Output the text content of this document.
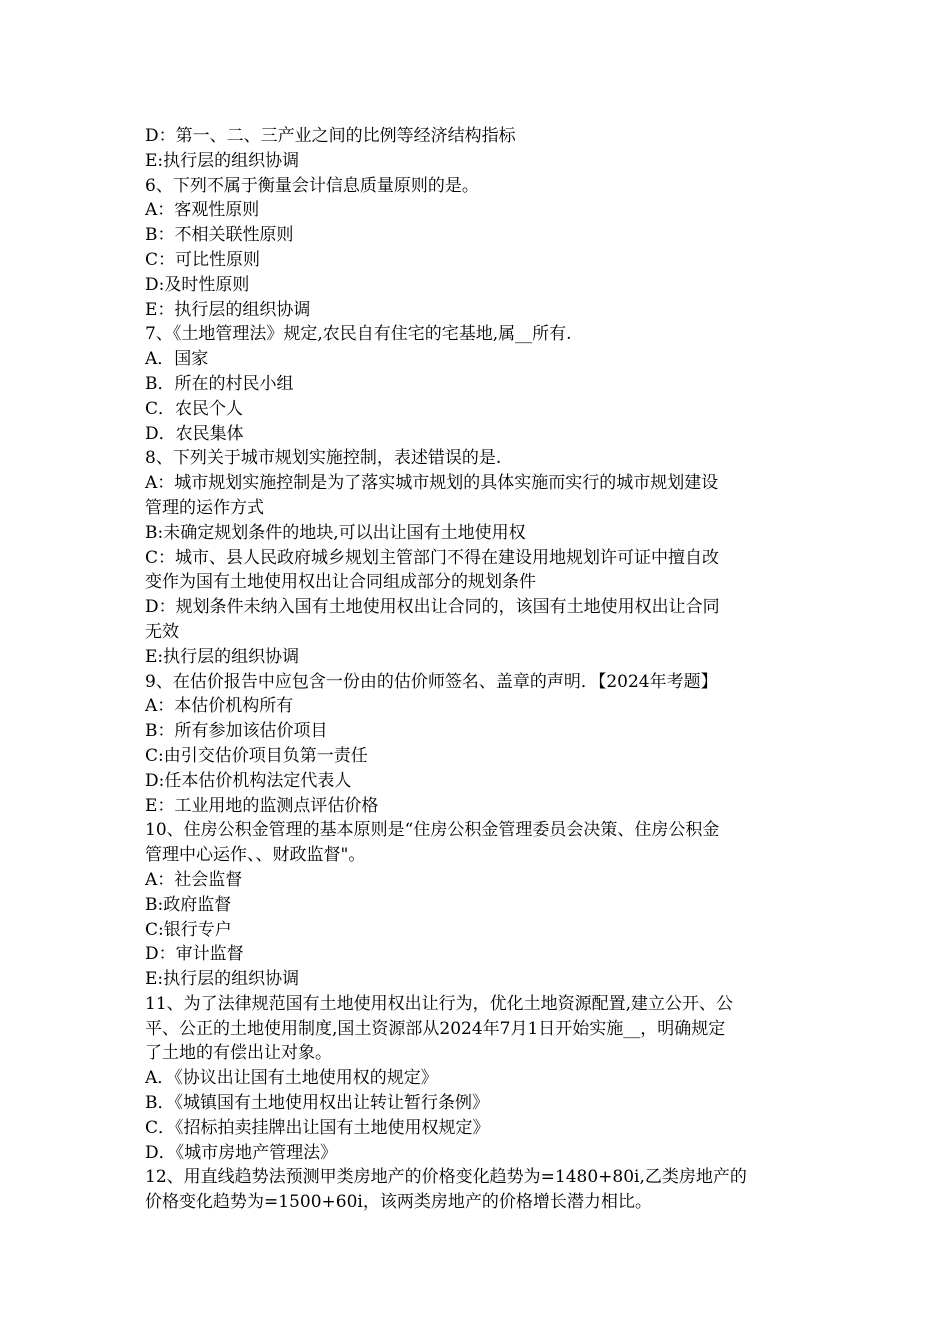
D：第一、二、三产业之间的比例等经济结构指标

E:执行层的组织协调

6、下列不属于衡量会计信息质量原则的是。

A：客观性原则

B：不相关联性原则

C：可比性原则

D:及时性原则

E：执行层的组织协调

7、《土地管理法》规定,农民自有住宅的宅基地,属__所有.

A．国家

B．所在的村民小组

C．农民个人

D．农民集体

8、下列关于城市规划实施控制，表述错误的是.

A：城市规划实施控制是为了落实城市规划的具体实施而实行的城市规划建设

管理的运作方式

B:未确定规划条件的地块,可以出让国有土地使用权

C：城市、县人民政府城乡规划主管部门不得在建设用地规划许可证中擅自改

变作为国有土地使用权出让合同组成部分的规划条件

D：规划条件未纳入国有土地使用权出让合同的，该国有土地使用权出让合同

无效

E:执行层的组织协调

9、在估价报告中应包含一份由的估价师签名、盖章的声明．【2024年考题】

A：本估价机构所有

B：所有参加该估价项目

C:由引交估价项目负第一责任

D:任本估价机构法定代表人

E：工业用地的监测点评估价格

10、住房公积金管理的基本原则是“住房公积金管理委员会决策、住房公积金

管理中心运作、、财政监督"。

A：社会监督

B:政府监督

C:银行专户

D：审计监督

E:执行层的组织协调

11、为了法律规范国有土地使用权出让行为，优化土地资源配置,建立公开、公

平、公正的土地使用制度,国土资源部从2024年7月1日开始实施__，明确规定

了土地的有偿出让对象。

A．《协议出让国有土地使用权的规定》

B．《城镇国有土地使用权出让转让暂行条例》

C．《招标拍卖挂牌出让国有土地使用权规定》

D．《城市房地产管理法》

12、用直线趋势法预测甲类房地产的价格变化趋势为=1480+80i,乙类房地产的

价格变化趋势为=1500+60i，该两类房地产的价格增长潜力相比。
